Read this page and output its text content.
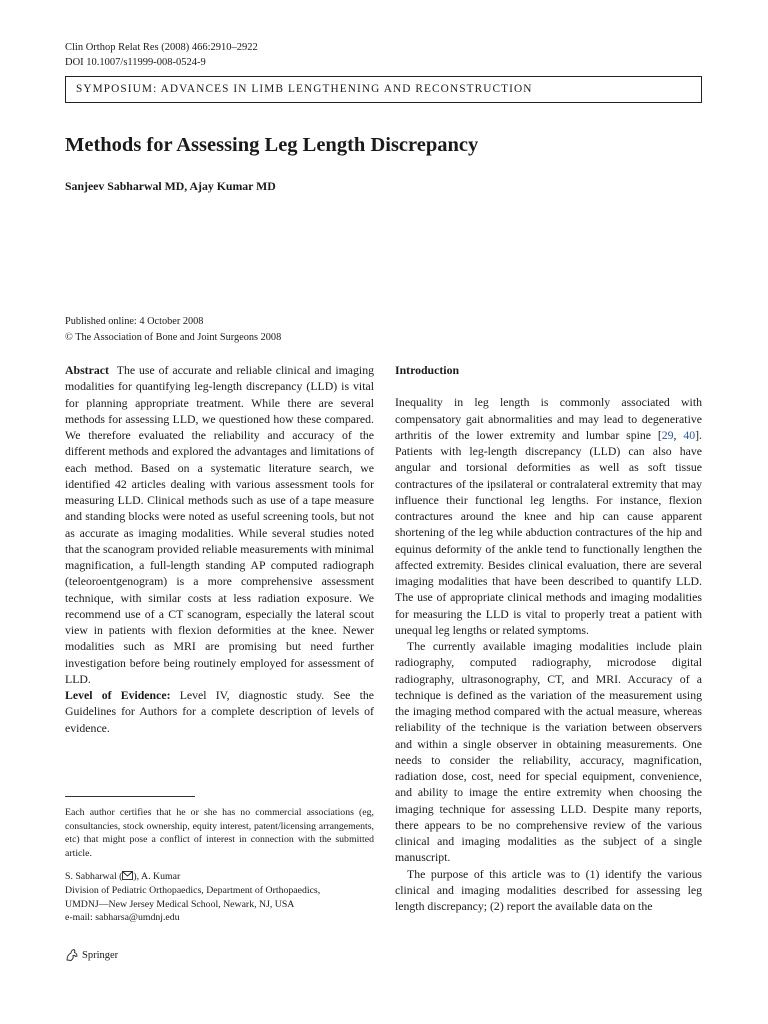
Clin Orthop Relat Res (2008) 466:2910–2922
DOI 10.1007/s11999-008-0524-9
SYMPOSIUM: ADVANCES IN LIMB LENGTHENING AND RECONSTRUCTION
Methods for Assessing Leg Length Discrepancy
Sanjeev Sabharwal MD, Ajay Kumar MD
Published online: 4 October 2008
© The Association of Bone and Joint Surgeons 2008

Abstract The use of accurate and reliable clinical and imaging modalities for quantifying leg-length discrepancy (LLD) is vital for planning appropriate treatment. While there are several methods for assessing LLD, we questioned how these compared. We therefore evaluated the reliability and accuracy of the different methods and explored the advantages and limitations of each method. Based on a systematic literature search, we identified 42 articles dealing with various assessment tools for measuring LLD. Clinical methods such as use of a tape measure and standing blocks were noted as useful screening tools, but not as accurate as imaging modalities. While several studies noted that the scanogram provided reliable measurements with minimal magnification, a full-length standing AP computed radiograph (teleoroentgenogram) is a more comprehensive assessment technique, with similar costs at less radiation exposure. We recommend use of a CT scanogram, especially the lateral scout view in patients with flexion deformities at the knee. Newer modalities such as MRI are promising but need further investigation before being routinely employed for assessment of LLD.

Level of Evidence: Level IV, diagnostic study. See the Guidelines for Authors for a complete description of levels of evidence.

Each author certifies that he or she has no commercial associations (eg, consultancies, stock ownership, equity interest, patent/licensing arrangements, etc) that might pose a conflict of interest in connection with the submitted article.
S. Sabharwal ( ), A. Kumar
Division of Pediatric Orthopaedics, Department of Orthopaedics,
UMDNJ—New Jersey Medical School, Newark, NJ, USA
e-mail: sabharsa@umdnj.edu
Springer
Introduction

Inequality in leg length is commonly associated with compensatory gait abnormalities and may lead to degenerative arthritis of the lower extremity and lumbar spine [29, 40]. Patients with leg-length discrepancy (LLD) can also have angular and torsional deformities as well as soft tissue contractures of the ipsilateral or contralateral extremity that may influence their functional leg lengths. For instance, flexion contractures around the knee and hip can cause apparent shortening of the leg while abduction contractures of the hip and equinus deformity of the ankle tend to functionally lengthen the affected extremity. Besides clinical evaluation, there are several imaging modalities that have been described to quantify LLD. The use of appropriate clinical methods and imaging modalities for measuring the LLD is vital to properly treat a patient with unequal leg lengths or related symptoms.

The currently available imaging modalities include plain radiography, computed radiography, microdose digital radiography, ultrasonography, CT, and MRI. Accuracy of a technique is defined as the variation of the measurement using the imaging method compared with the actual measure, whereas reliability of the technique is the variation between observers and within a single observer in obtaining measurements. One needs to consider the reliability, accuracy, magnification, radiation dose, cost, need for special equipment, convenience, and ability to image the entire extremity when choosing the imaging technique for assessing LLD. Despite many reports, there appears to be no comprehensive review of the various clinical and imaging modalities as the subject of a single manuscript.

The purpose of this article was to (1) identify the various clinical and imaging modalities described for assessing leg length discrepancy; (2) report the available data on the
